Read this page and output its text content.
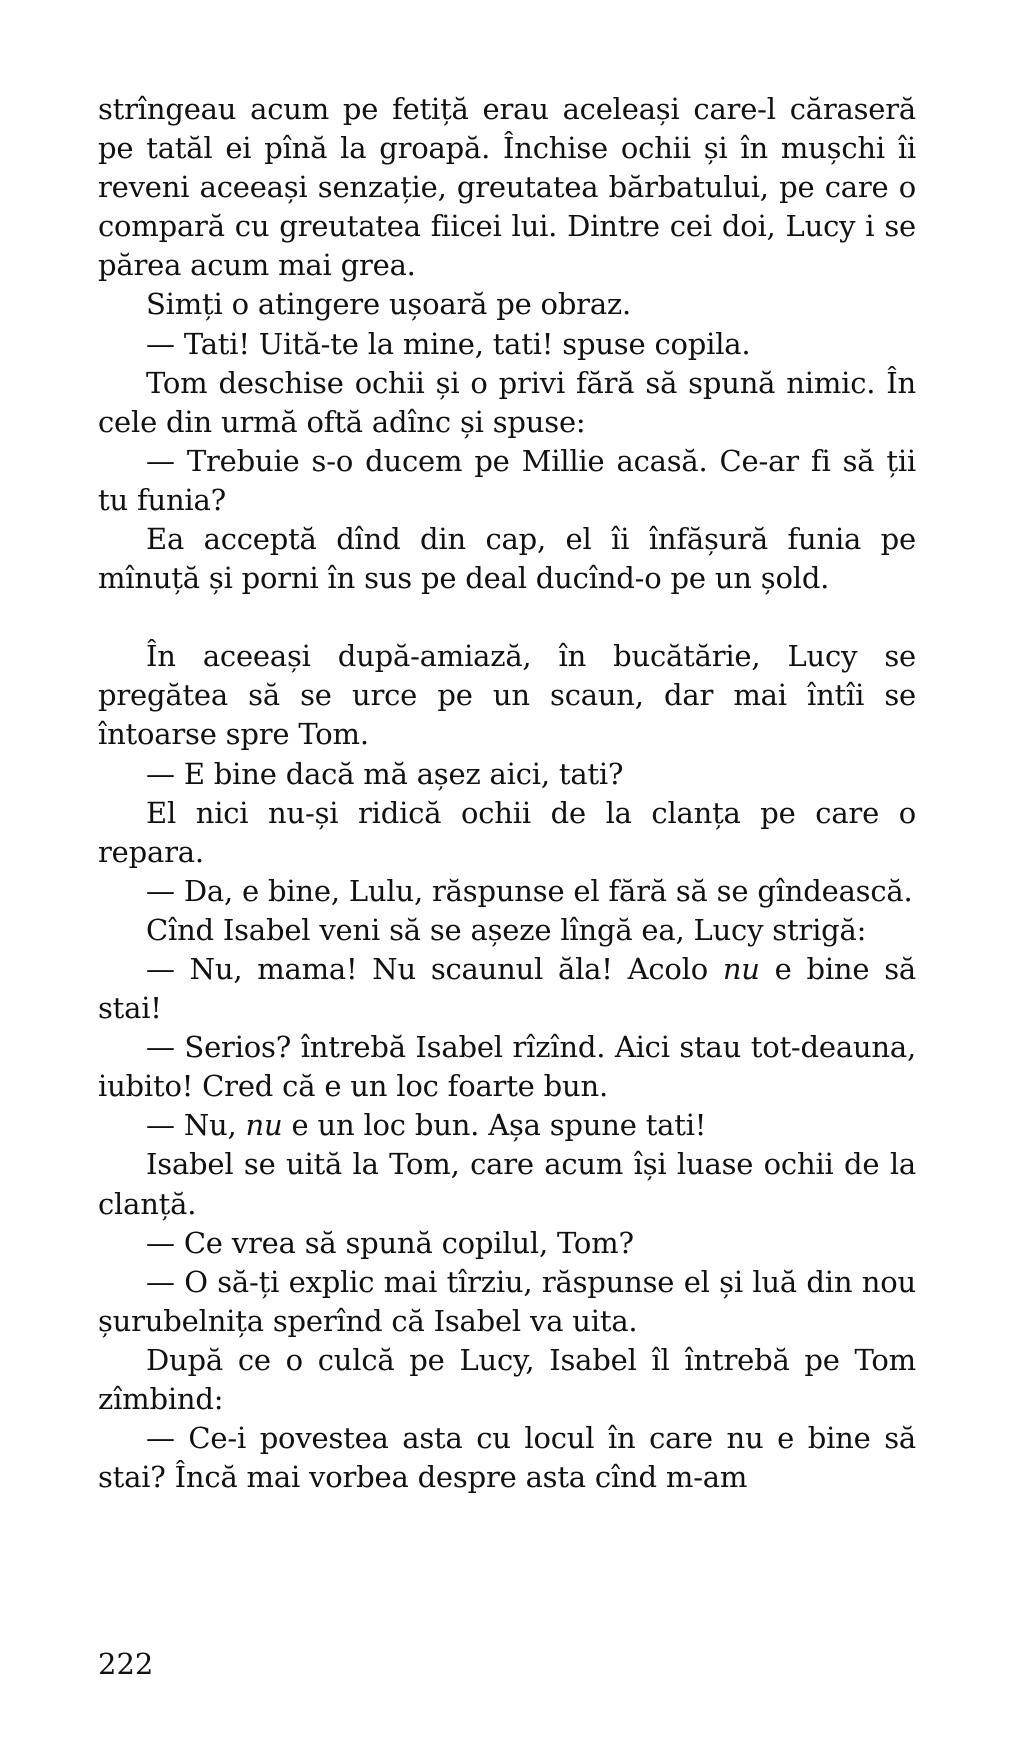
strîngeau acum pe fetiță erau aceleași care-l căraseră pe tatăl ei pînă la groapă. Închise ochii și în mușchi îi reveni aceeași senzație, greutatea bărbatului, pe care o compară cu greutatea fiicei lui. Dintre cei doi, Lucy i se părea acum mai grea.

Simți o atingere ușoară pe obraz.

— Tati! Uită-te la mine, tati! spuse copila.

Tom deschise ochii și o privi fără să spună nimic. În cele din urmă oftă adînc și spuse:

— Trebuie s-o ducem pe Millie acasă. Ce-ar fi să ții tu funia?

Ea acceptă dînd din cap, el îi înfășură funia pe mînuță și porni în sus pe deal ducînd-o pe un șold.

În aceeași după-amiază, în bucătărie, Lucy se pregătea să se urce pe un scaun, dar mai întîi se întoarse spre Tom.

— E bine dacă mă așez aici, tati?

El nici nu-și ridică ochii de la clanța pe care o repara.

— Da, e bine, Lulu, răspunse el fără să se gîndească.

Cînd Isabel veni să se așeze lîngă ea, Lucy strigă:

— Nu, mama! Nu scaunul ăla! Acolo nu e bine să stai!

— Serios? întrebă Isabel rîzînd. Aici stau tot-deauna, iubito! Cred că e un loc foarte bun.

— Nu, nu e un loc bun. Așa spune tati!

Isabel se uită la Tom, care acum își luase ochii de la clanță.

— Ce vrea să spună copilul, Tom?

— O să-ți explic mai tîrziu, răspunse el și luă din nou șurubelnița sperînd că Isabel va uita.

După ce o culcă pe Lucy, Isabel îl întrebă pe Tom zîmbind:

— Ce-i povestea asta cu locul în care nu e bine să stai? Încă mai vorbea despre asta cînd m-am

222
